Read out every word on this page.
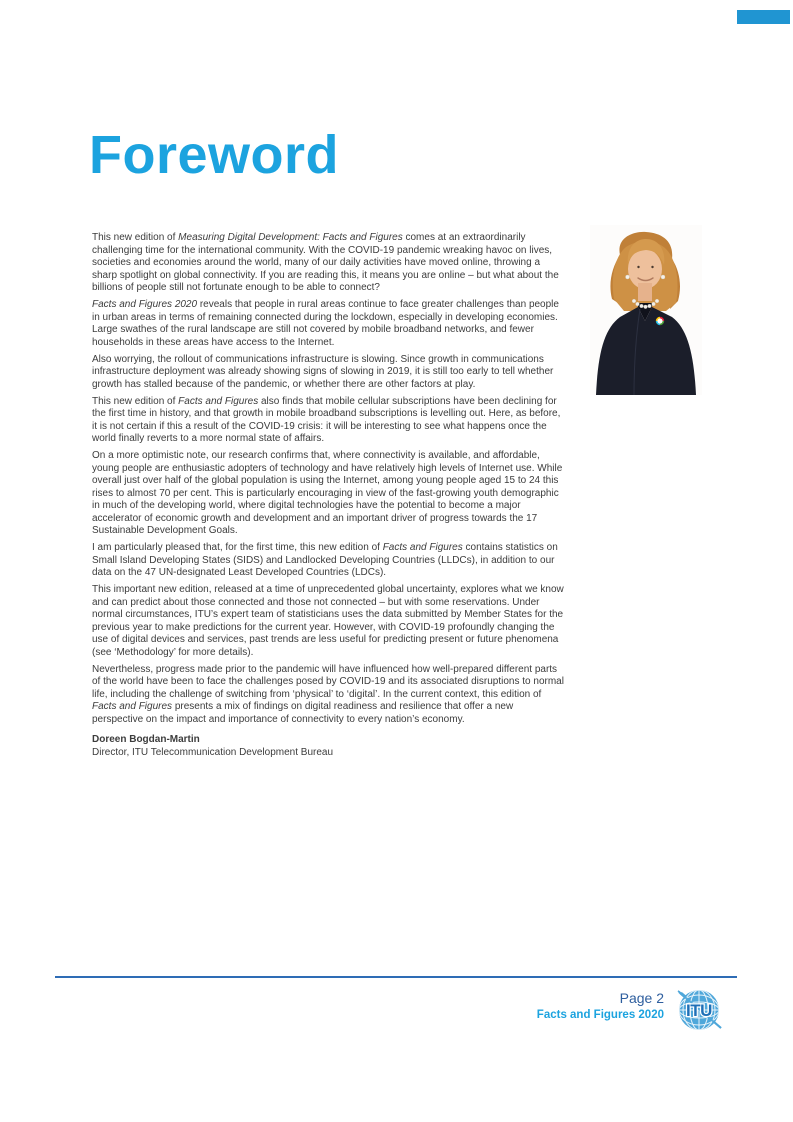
Foreword

This new edition of Measuring Digital Development: Facts and Figures comes at an extraordinarily challenging time for the international community. With the COVID-19 pandemic wreaking havoc on lives, societies and economies around the world, many of our daily activities have moved online, throwing a sharp spotlight on global connectivity. If you are reading this, it means you are online – but what about the billions of people still not fortunate enough to be able to connect?

Facts and Figures 2020 reveals that people in rural areas continue to face greater challenges than people in urban areas in terms of remaining connected during the lockdown, especially in developing economies. Large swathes of the rural landscape are still not covered by mobile broadband networks, and fewer households in these areas have access to the Internet.

Also worrying, the rollout of communications infrastructure is slowing. Since growth in communications infrastructure deployment was already showing signs of slowing in 2019, it is still too early to tell whether growth has stalled because of the pandemic, or whether there are other factors at play.

This new edition of Facts and Figures also finds that mobile cellular subscriptions have been declining for the first time in history, and that growth in mobile broadband subscriptions is levelling out. Here, as before, it is not certain if this a result of the COVID-19 crisis: it will be interesting to see what happens once the world finally reverts to a more normal state of affairs.

On a more optimistic note, our research confirms that, where connectivity is available, and affordable, young people are enthusiastic adopters of technology and have relatively high levels of Internet use. While overall just over half of the global population is using the Internet, among young people aged 15 to 24 this rises to almost 70 per cent. This is particularly encouraging in view of the fast-growing youth demographic in much of the developing world, where digital technologies have the potential to become a major accelerator of economic growth and development and an important driver of progress towards the 17 Sustainable Development Goals.

I am particularly pleased that, for the first time, this new edition of Facts and Figures contains statistics on Small Island Developing States (SIDS) and Landlocked Developing Countries (LLDCs), in addition to our data on the 47 UN-designated Least Developed Countries (LDCs).

This important new edition, released at a time of unprecedented global uncertainty, explores what we know and can predict about those connected and those not connected – but with some reservations. Under normal circumstances, ITU’s expert team of statisticians uses the data submitted by Member States for the previous year to make predictions for the current year. However, with COVID-19 profoundly changing the use of digital devices and services, past trends are less useful for predicting present or future phenomena (see ‘Methodology’ for more details).

Nevertheless, progress made prior to the pandemic will have influenced how well-prepared different parts of the world have been to face the challenges posed by COVID-19 and its associated disruptions to normal life, including the challenge of switching from ‘physical’ to ‘digital’. In the current context, this edition of Facts and Figures presents a mix of findings on digital readiness and resilience that offer a new perspective on the impact and importance of connectivity to every nation’s economy.

Doreen Bogdan-Martin
Director, ITU Telecommunication Development Bureau
Page 2
Facts and Figures 2020 ITU
